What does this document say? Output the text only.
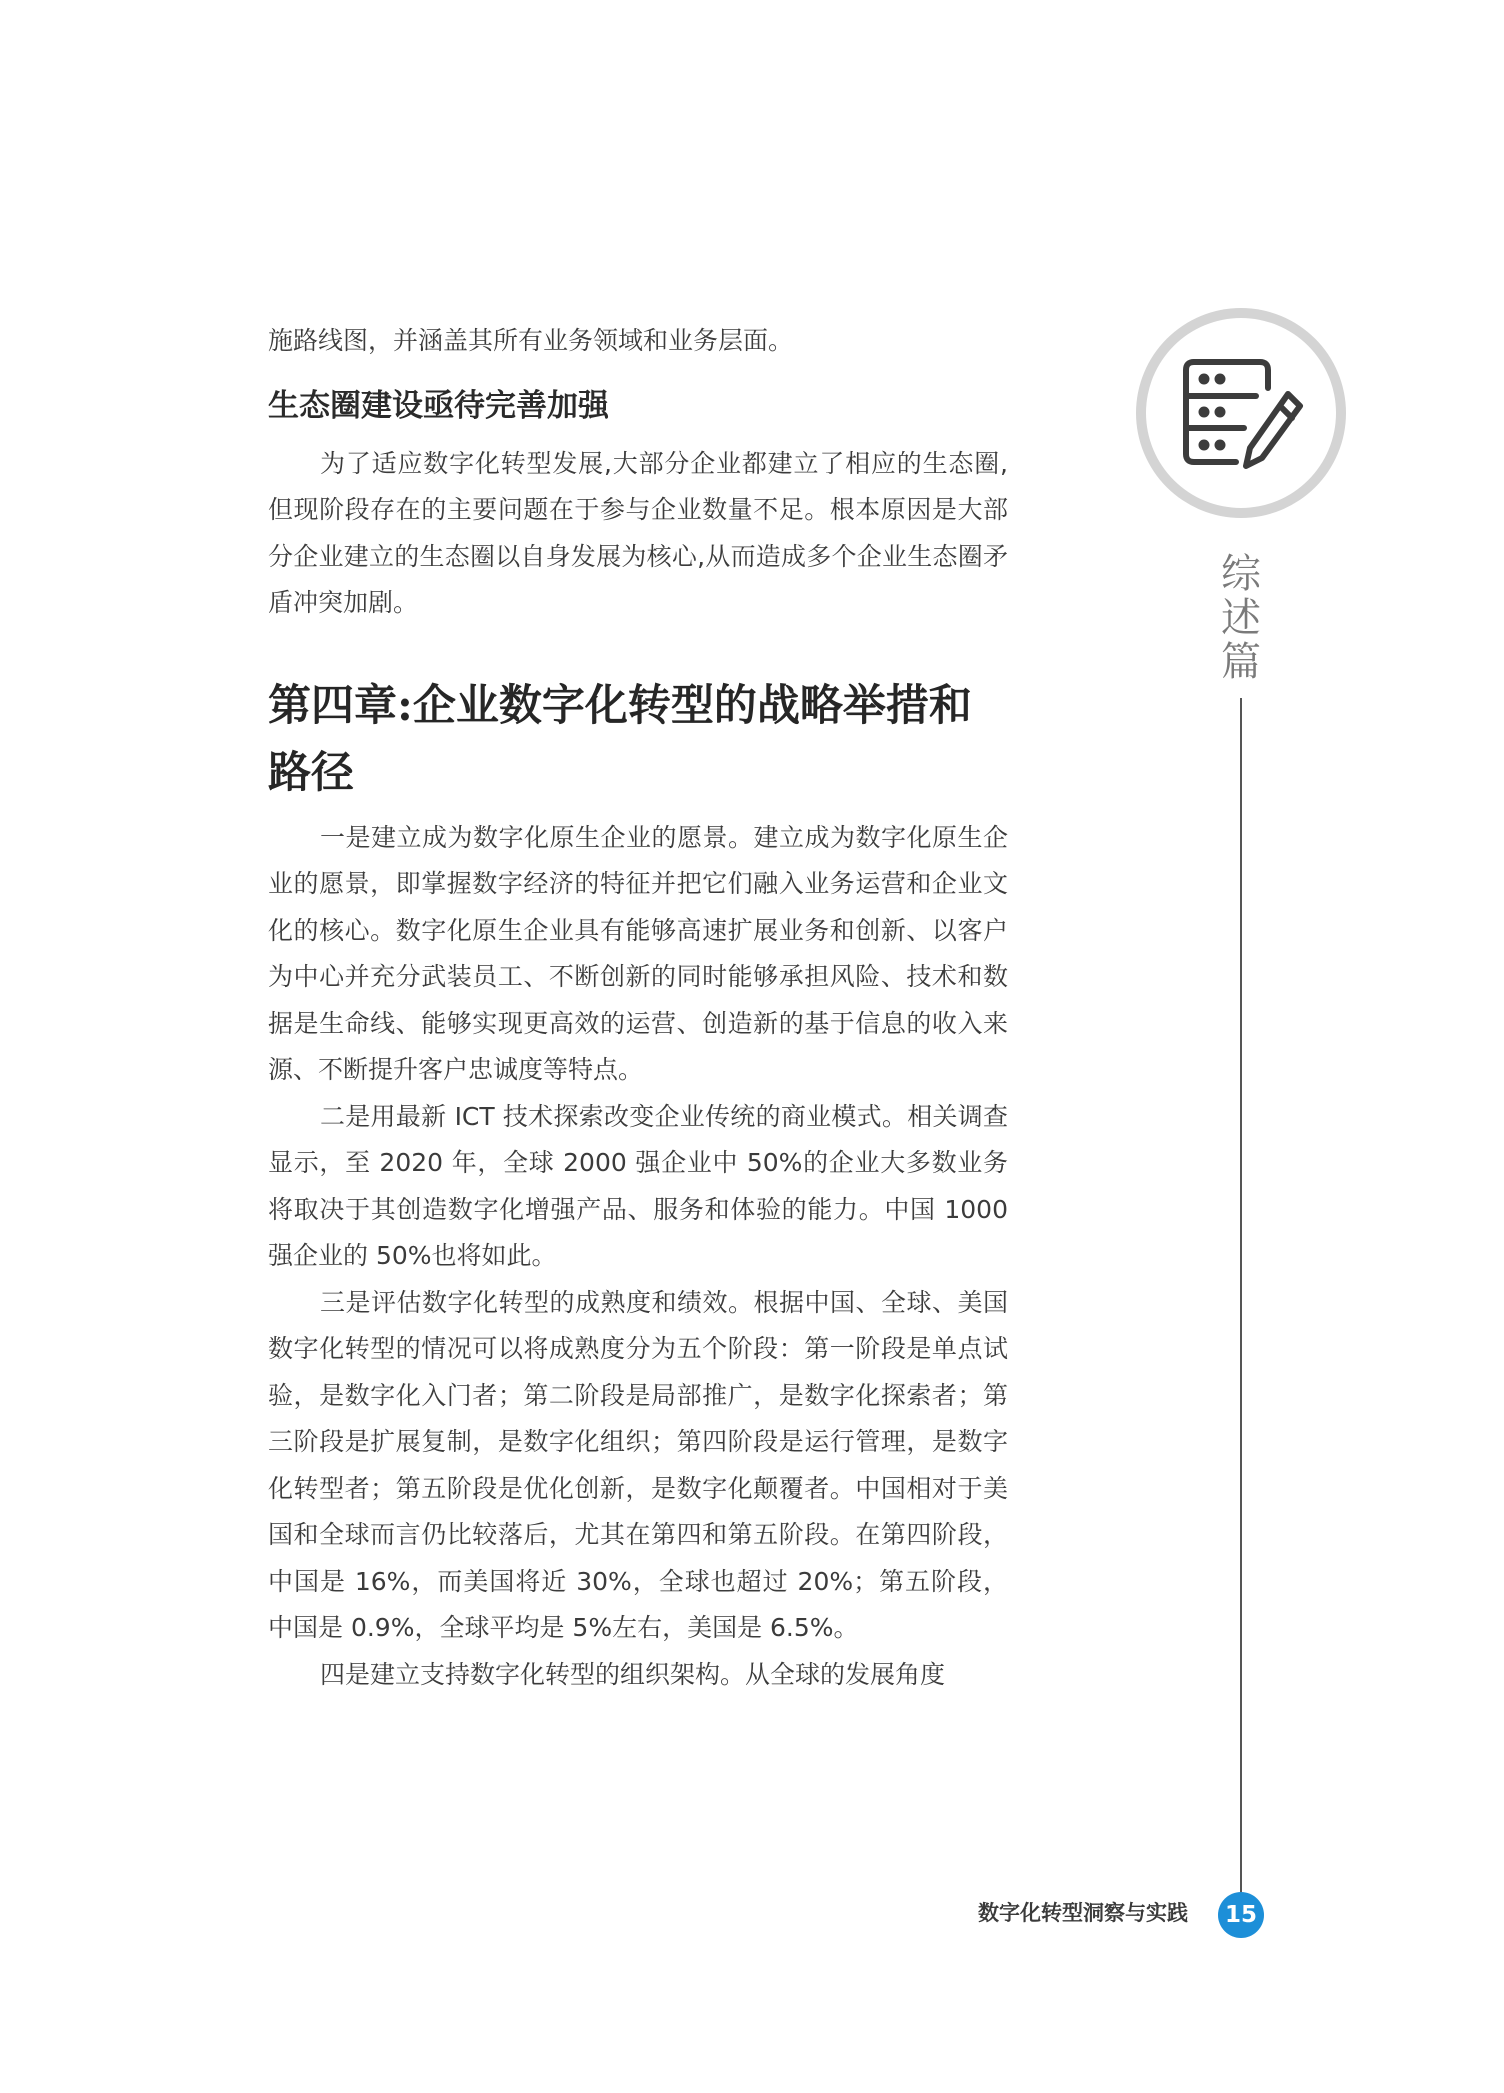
施路线图，并涵盖其所有业务领域和业务层面。

生态圈建设亟待完善加强

为了适应数字化转型发展,大部分企业都建立了相应的生态圈,但现阶段存在的主要问题在于参与企业数量不足。根本原因是大部分企业建立的生态圈以自身发展为核心,从而造成多个企业生态圈矛盾冲突加剧。

第四章:企业数字化转型的战略举措和路径

一是建立成为数字化原生企业的愿景。建立成为数字化原生企业的愿景，即掌握数字经济的特征并把它们融入业务运营和企业文化的核心。数字化原生企业具有能够高速扩展业务和创新、以客户为中心并充分武装员工、不断创新的同时能够承担风险、技术和数据是生命线、能够实现更高效的运营、创造新的基于信息的收入来源、不断提升客户忠诚度等特点。

二是用最新 ICT 技术探索改变企业传统的商业模式。相关调查显示，至 2020 年，全球 2000 强企业中 50%的企业大多数业务将取决于其创造数字化增强产品、服务和体验的能力。中国 1000 强企业的 50%也将如此。

三是评估数字化转型的成熟度和绩效。根据中国、全球、美国数字化转型的情况可以将成熟度分为五个阶段：第一阶段是单点试验，是数字化入门者；第二阶段是局部推广，是数字化探索者；第三阶段是扩展复制，是数字化组织；第四阶段是运行管理，是数字化转型者；第五阶段是优化创新，是数字化颠覆者。中国相对于美国和全球而言仍比较落后，尤其在第四和第五阶段。在第四阶段，中国是 16%，而美国将近 30%，全球也超过 20%；第五阶段，中国是 0.9%，全球平均是 5%左右，美国是 6.5%。

四是建立支持数字化转型的组织架构。从全球的发展角度

综述篇
数字化转型洞察与实践	15
